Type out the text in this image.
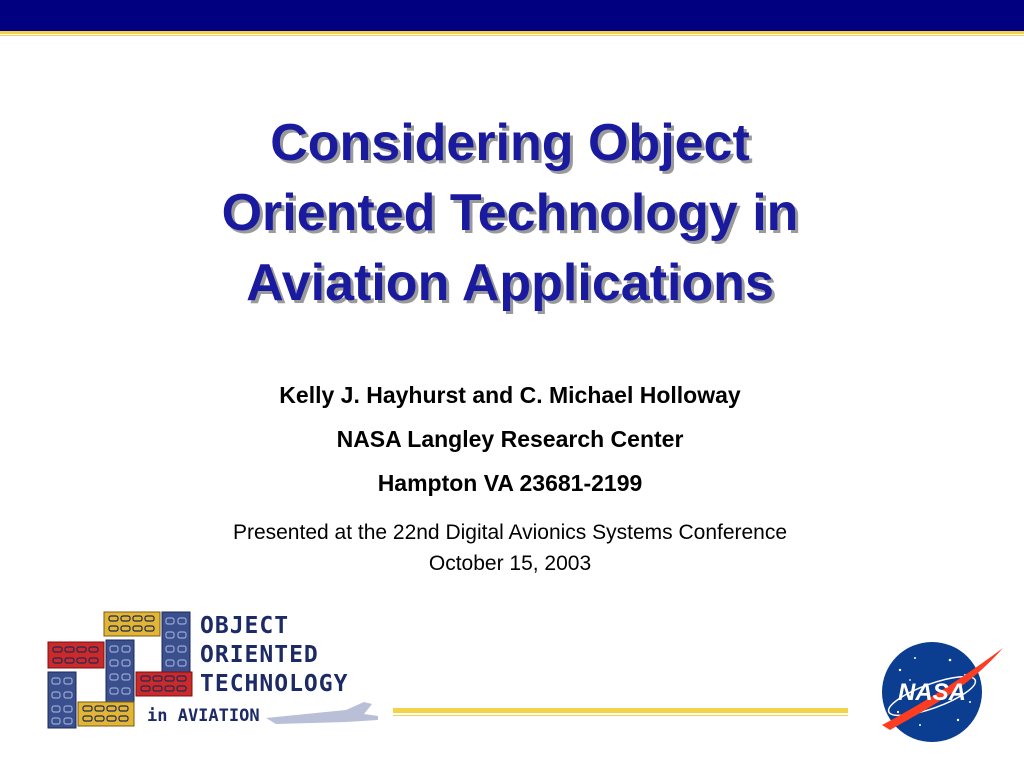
Considering Object
Oriented Technology in
Aviation Applications
Kelly J. Hayhurst and C. Michael Holloway
NASA Langley Research Center
Hampton VA 23681-2199
Presented at the 22nd Digital Avionics Systems Conference
October 15, 2003
OBJECT
ORIENTED
TECHNOLOGY
in AVIATION
NASA
